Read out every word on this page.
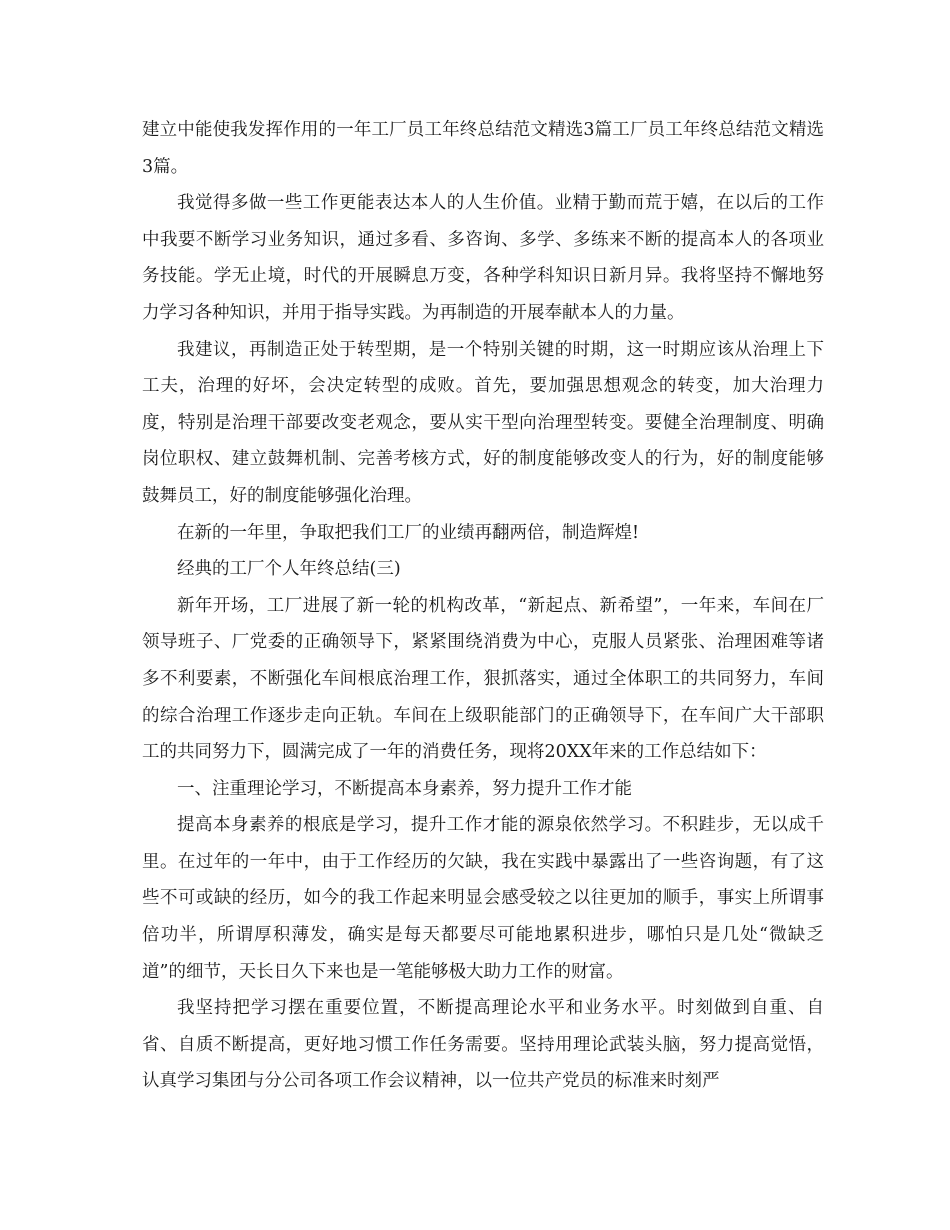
建立中能使我发挥作用的一年工厂员工年终总结范文精选3篇工厂员工年终总结范文精选3篇。

我觉得多做一些工作更能表达本人的人生价值。业精于勤而荒于嬉，在以后的工作中我要不断学习业务知识，通过多看、多咨询、多学、多练来不断的提高本人的各项业务技能。学无止境，时代的开展瞬息万变，各种学科知识日新月异。我将坚持不懈地努力学习各种知识，并用于指导实践。为再制造的开展奉献本人的力量。

我建议，再制造正处于转型期，是一个特别关键的时期，这一时期应该从治理上下工夫，治理的好坏，会决定转型的成败。首先，要加强思想观念的转变，加大治理力度，特别是治理干部要改变老观念，要从实干型向治理型转变。要健全治理制度、明确岗位职权、建立鼓舞机制、完善考核方式，好的制度能够改变人的行为，好的制度能够鼓舞员工，好的制度能够强化治理。

在新的一年里，争取把我们工厂的业绩再翻两倍，制造辉煌!

经典的工厂个人年终总结(三)

新年开场，工厂进展了新一轮的机构改革，“新起点、新希望”，一年来，车间在厂领导班子、厂党委的正确领导下，紧紧围绕消费为中心，克服人员紧张、治理困难等诸多不利要素，不断强化车间根底治理工作，狠抓落实，通过全体职工的共同努力，车间的综合治理工作逐步走向正轨。车间在上级职能部门的正确领导下，在车间广大干部职工的共同努力下，圆满完成了一年的消费任务，现将20XX年来的工作总结如下：

一、注重理论学习，不断提高本身素养，努力提升工作才能

提高本身素养的根底是学习，提升工作才能的源泉依然学习。不积跬步，无以成千里。在过年的一年中，由于工作经历的欠缺，我在实践中暴露出了一些咨询题，有了这些不可或缺的经历，如今的我工作起来明显会感受较之以往更加的顺手，事实上所谓事倍功半，所谓厚积薄发，确实是每天都要尽可能地累积进步，哪怕只是几处“微缺乏道”的细节，天长日久下来也是一笔能够极大助力工作的财富。

我坚持把学习摆在重要位置，不断提高理论水平和业务水平。时刻做到自重、自省、自质不断提高，更好地习惯工作任务需要。坚持用理论武装头脑，努力提高觉悟，认真学习集团与分公司各项工作会议精神，以一位共产党员的标准来时刻严
